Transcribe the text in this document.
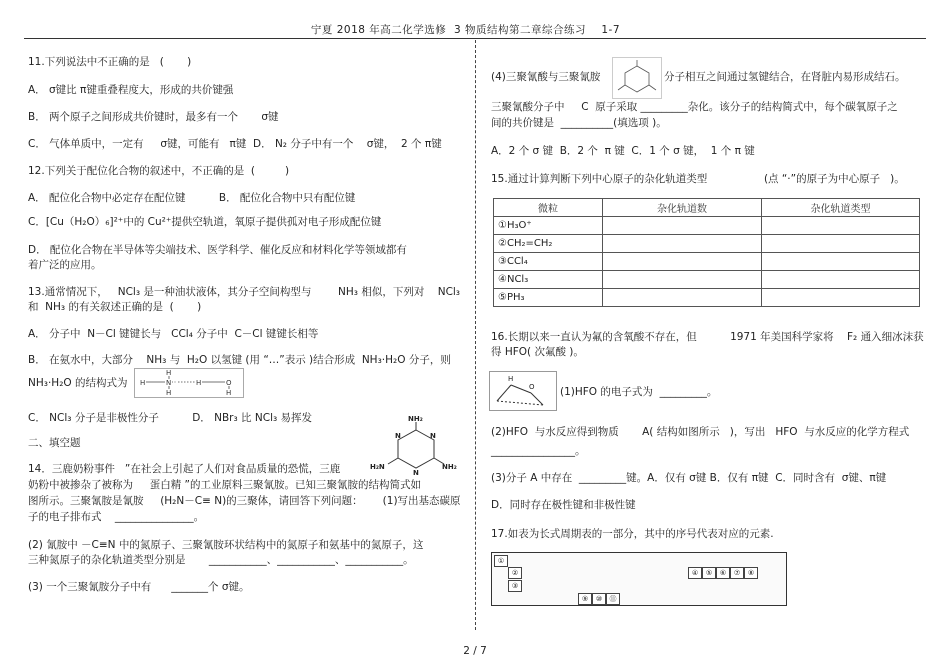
宁夏 2018 年高二化学选修  3 物质结构第二章综合练习    1-7
11.下列说法中不正确的是   (       )
A． σ键比 π键重叠程度大，形成的共价键强
B． 两个原子之间形成共价键时，最多有一个       σ键
C． 气体单质中，一定有     σ键，可能有   π键  D． N₂ 分子中有一个    σ键，  2 个 π键
12.下列关于配位化合物的叙述中，不正确的是  (         )
A． 配位化合物中必定存在配位键          B． 配位化合物中只有配位键
C．[Cu（H₂O）₆]²⁺中的 Cu²⁺提供空轨道，氧原子提供孤对电子形成配位键
D． 配位化合物在半导体等尖端技术、医学科学、催化反应和材料化学等领域都有
着广泛的应用。
13.通常情况下，   NCl₃ 是一种油状液体，其分子空间构型与        NH₃ 相似，下列对    NCl₃
和  NH₃ 的有关叙述正确的是  (       )
A． 分子中  N－Cl 键键长与   CCl₄ 分子中  C－Cl 键键长相等
B． 在氨水中，大部分    NH₃ 与  H₂O 以氢键 (用 “…”表示 )结合形成  NH₃·H₂O 分子，则
NH₃·H₂O 的结构式为 H	N
H
H
H	O
H
C． NCl₃ 分子是非极性分子          D． NBr₃ 比 NCl₃ 易挥发
二、填空题
NH₂
H₂N	NH₂
N
N
N
14．三鹿奶粉事件   ”在社会上引起了人们对食品质量的恐慌，三鹿
奶粉中被掺杂了被称为     蛋白精 ”的工业原料三聚氰胺。已知三聚氰胺的结构简式如
图所示。三聚氰胺是氰胺     (H₂N－C≡ N)的三聚体，请回答下列问题：      (1)写出基态碳原
子的电子排布式    _______________。
(2) 氰胺中 －C≡N 中的氮原子、三聚氰胺环状结构中的氮原子和氨基中的氮原子，这
三种氮原子的杂化轨道类型分别是       ___________、___________、___________。
(3) 一个三聚氰胺分子中有      _______个 σ键。
(4)三聚氰酸与三聚氰胺	分子相互之间通过氢键结合，在肾脏内易形成结石。
三聚氰酸分子中     C  原子采取 _________杂化。该分子的结构简式中，每个碳氧原子之
间的共价键是  __________(填选项 )。
A．2 个 σ 键  B．2 个  π 键  C．1 个 σ 键，  1 个 π 键
15.通过计算判断下列中心原子的杂化轨道类型                 (点 “·”的原子为中心原子   )。
微粒	杂化轨道数	杂化轨道类型
①H₃O⁺		
②CH₂=CH₂		
③CCl₄		
④NCl₃		
⑤PH₃		
16.长期以来一直认为氟的含氧酸不存在，但          1971 年美国科学家将    F₂ 通入细冰沫获
得 HFO( 次氟酸 )。
H
O (1)HFO 的电子式为  _________。
(2)HFO  与水反应得到物质       A( 结构如图所示   )，写出   HFO  与水反应的化学方程式
________________。
(3)分子 A 中存在  _________键。A．仅有 σ键 B．仅有 π键  C．同时含有  σ键、π键
D．同时存在极性键和非极性键
17.如表为长式周期表的一部分，其中的序号代表对应的元素.
①
②
③
④	⑤	⑥	⑦	⑧
⑨	⑩	⑪
2 / 7
